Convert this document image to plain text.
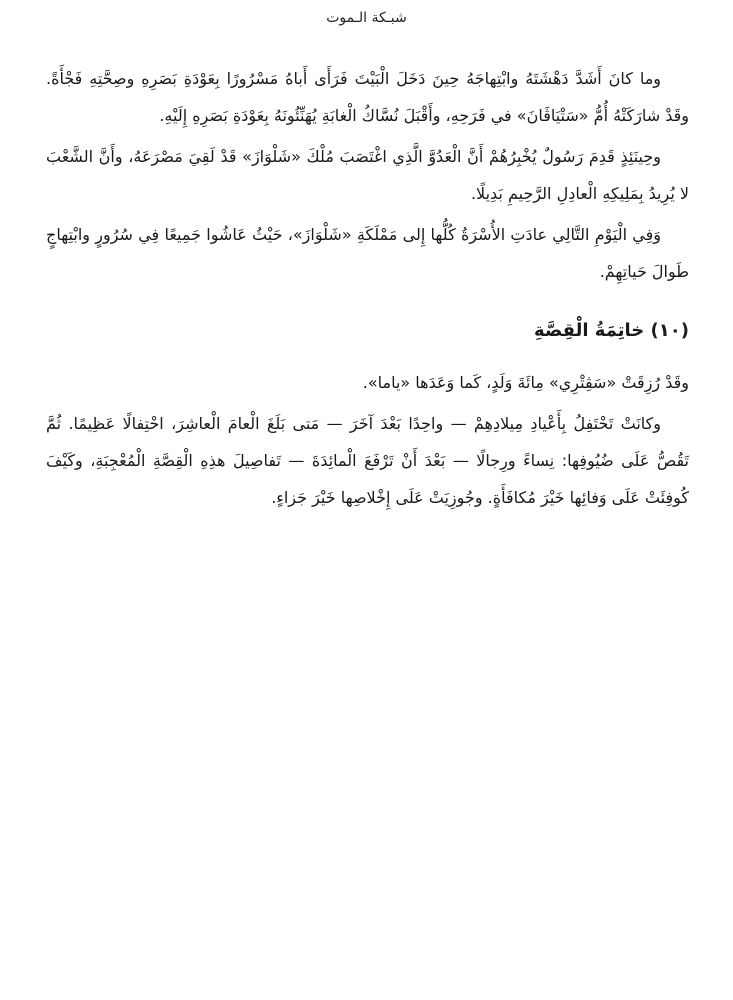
شبـكة الـموت

وما كانَ أَشَدَّ دَهْشَتَهُ وابْتِهاجَهُ حِينَ دَخَلَ الْبَيْتَ فَرَأَى أَباهُ مَسْرُورًا بِعَوْدَةِ بَصَرِهِ وصِحَّتِهِ فَجْأَةً. وقَدْ شارَكَتْهُ أُمُّ «سَتْيَاڤَانَ» في فَرَحِهِ، وأَقْبَلَ نُسَّاكُ الْغابَةِ يُهَنِّئُونَهُ بِعَوْدَةِ بَصَرِهِ إِلَيْهِ.

وحِينَئِذٍ قَدِمَ رَسُولٌ يُخْبِرُهُمْ أَنَّ الْعَدُوَّ الَّذِي اغْتَصَبَ مُلْكَ «شَلْوَازَ» قَدْ لَقِيَ مَصْرَعَهُ، وأَنَّ الشَّعْبَ لا يُرِيدُ بِمَلِيكِهِ الْعادِلِ الرَّحِيمِ بَدِيلًا.

وَفِي الْيَوْمِ التَّالِي عادَتِ الأُسْرَةُ كُلُّها إِلى مَمْلَكَةِ «شَلْوَازَ»، حَيْثُ عَاشُوا جَمِيعًا فِي سُرُورٍ وابْتِهاجٍ طَوالَ حَياتِهِمْ.

(١٠) خاتِمَةُ الْقِصَّةِ

وقَدْ رُزِقَتْ «سَڤِتْرِي» مِائَةَ وَلَدٍ، كَما وَعَدَها «ياما».

وكانَتْ تَحْتَفِلُ بِأَعْيادِ مِيلادِهِمْ — واحِدًا بَعْدَ آخَرَ — مَتى بَلَغَ الْعامَ الْعاشِرَ، احْتِفالًا عَظِيمًا. ثُمَّ تَقُصُّ عَلَى ضُيُوفِها: نِساءً ورِجالًا — بَعْدَ أَنْ تَرْفَعَ الْمائِدَةَ — تَفاصِيلَ هذِهِ الْقِصَّةِ الْمُعْجِبَةِ، وكَيْفَ كُوفِئَتْ عَلَى وَفائِها خَيْرَ مُكافَأَةٍ. وجُوزِيَتْ عَلَى إِخْلاصِها خَيْرَ جَزاءٍ.
